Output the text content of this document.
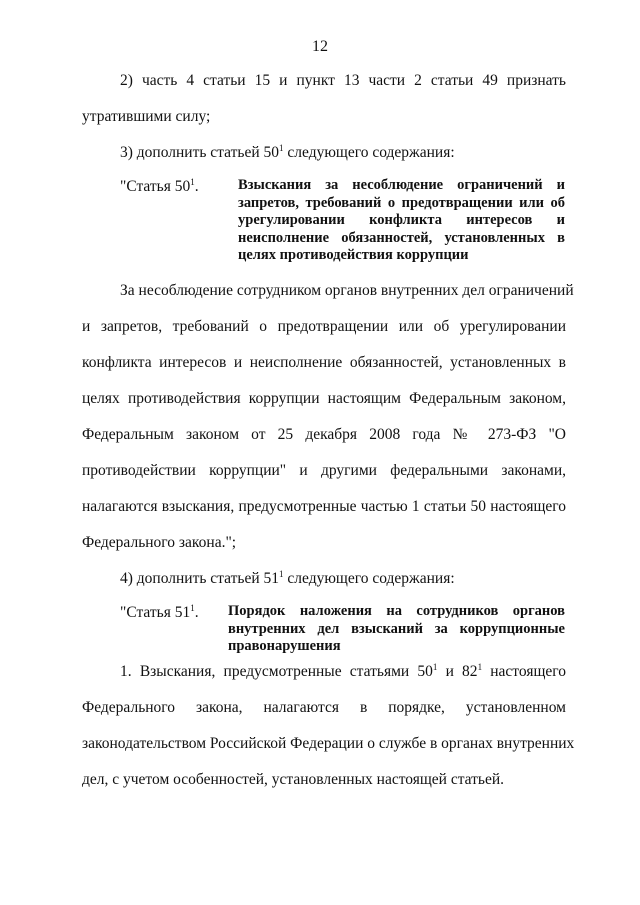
12
2) часть 4 статьи 15 и пункт 13 части 2 статьи 49 признать
утратившими силу;
3) дополнить статьей $50^1$ следующего содержания:
"Статья $50^1$.	Взыскания за несоблюдение ограничений и
запретов, требований о предотвращении или об
урегулировании конфликта интересов и
неисполнение обязанностей, установленных в
целях противодействия коррупции
За несоблюдение сотрудником органов внутренних дел ограничений
и запретов, требований о предотвращении или об урегулировании
конфликта интересов и неисполнение обязанностей, установленных в
целях противодействия коррупции настоящим Федеральным законом,
Федеральным законом от 25 декабря 2008 года № 273-ФЗ "О
противодействии коррупции" и другими федеральными законами,
налагаются взыскания, предусмотренные частью 1 статьи 50 настоящего
Федерального закона.";
4) дополнить статьей $51^1$ следующего содержания:
"Статья $51^1$. Порядок наложения на сотрудников органов
внутренних дел взысканий за коррупционные
правонарушения
1. Взыскания, предусмотренные статьями $50^1$ и $82^1$ настоящего
Федерального закона, налагаются в порядке, установленном
законодательством Российской Федерации о службе в органах внутренних
дел, с учетом особенностей, установленных настоящей статьей.
